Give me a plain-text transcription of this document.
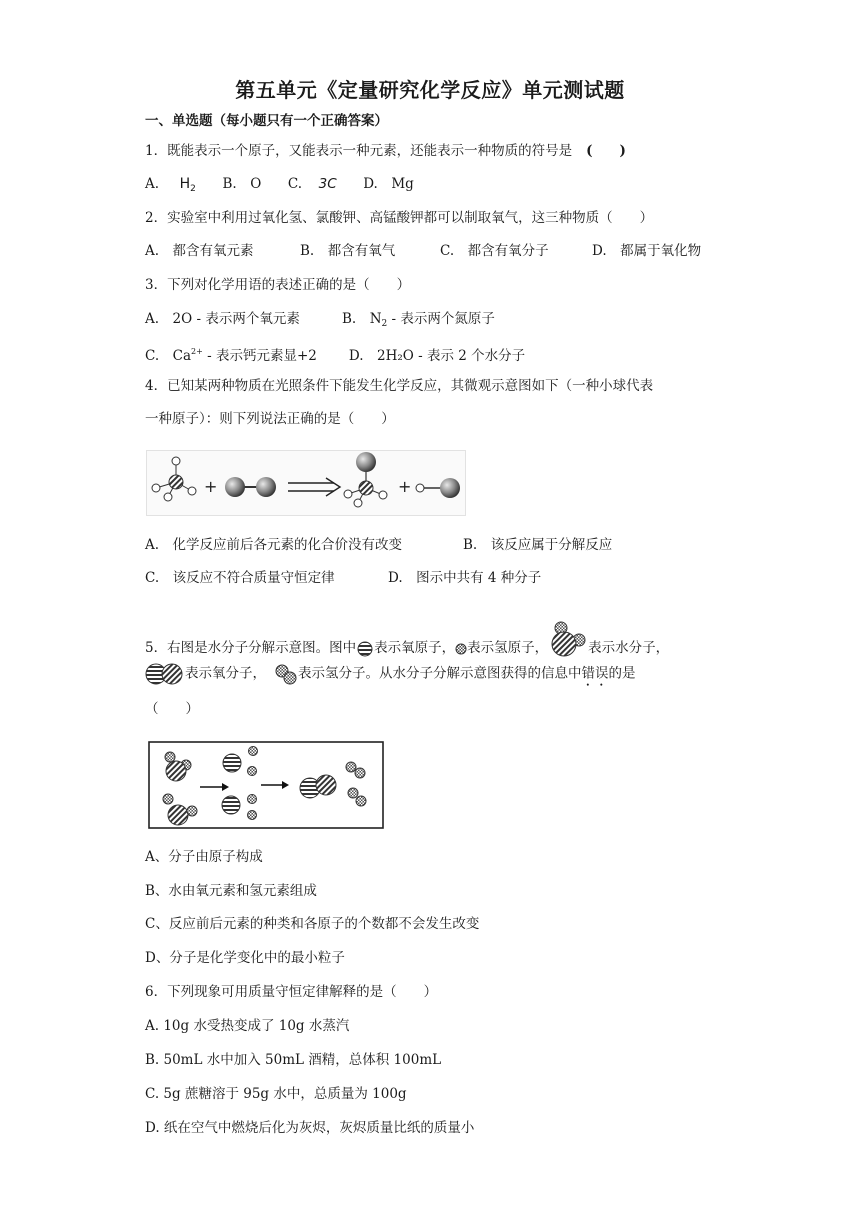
第五单元《定量研究化学反应》单元测试题
一、单选题（每小题只有一个正确答案）
1．既能表示一个原子，又能表示一种元素，还能表示一种物质的符号是 (　　)
A. $H_2$ B.　O C. 3C D.　Mg
2．实验室中利用过氧化氢、氯酸钾、高锰酸钾都可以制取氧气，这三种物质（　　）
A.　都含有氧元素	B.　都含有氧气	C.　都含有氧分子	D.　都属于氧化物
3．下列对化学用语的表述正确的是（　　）
A.　2O - 表示两个氧元素	B.　$N_2$ - 表示两个氮原子
C.　$Ca^{2+}$ - 表示钙元素显+2 D.　2H₂O - 表示 2 个水分子
4．已知某两种物质在光照条件下能发生化学反应，其微观示意图如下（一种小球代表
一种原子）：则下列说法正确的是（　　）
+	+
A.　化学反应前后各元素的化合价没有改变	B.　该反应属于分解反应
C.　该反应不符合质量守恒定律	D.　图示中共有 4 种分子
5．右图是水分子分解示意图。图中 表示氧原子， 表示氢原子，	表示水分子，
表示氧分子， 表示氢分子。从水分子分解示意图获得的信息中错误的是
（　　）
A、分子由原子构成
B、水由氧元素和氢元素组成
C、反应前后元素的种类和各原子的个数都不会发生改变
D、分子是化学变化中的最小粒子
6．下列现象可用质量守恒定律解释的是（　　）
A. 10g 水受热变成了 10g 水蒸汽
B. 50mL 水中加入 50mL 酒精，总体积 100mL
C. 5g 蔗糖溶于 95g 水中，总质量为 100g
D. 纸在空气中燃烧后化为灰烬，灰烬质量比纸的质量小
